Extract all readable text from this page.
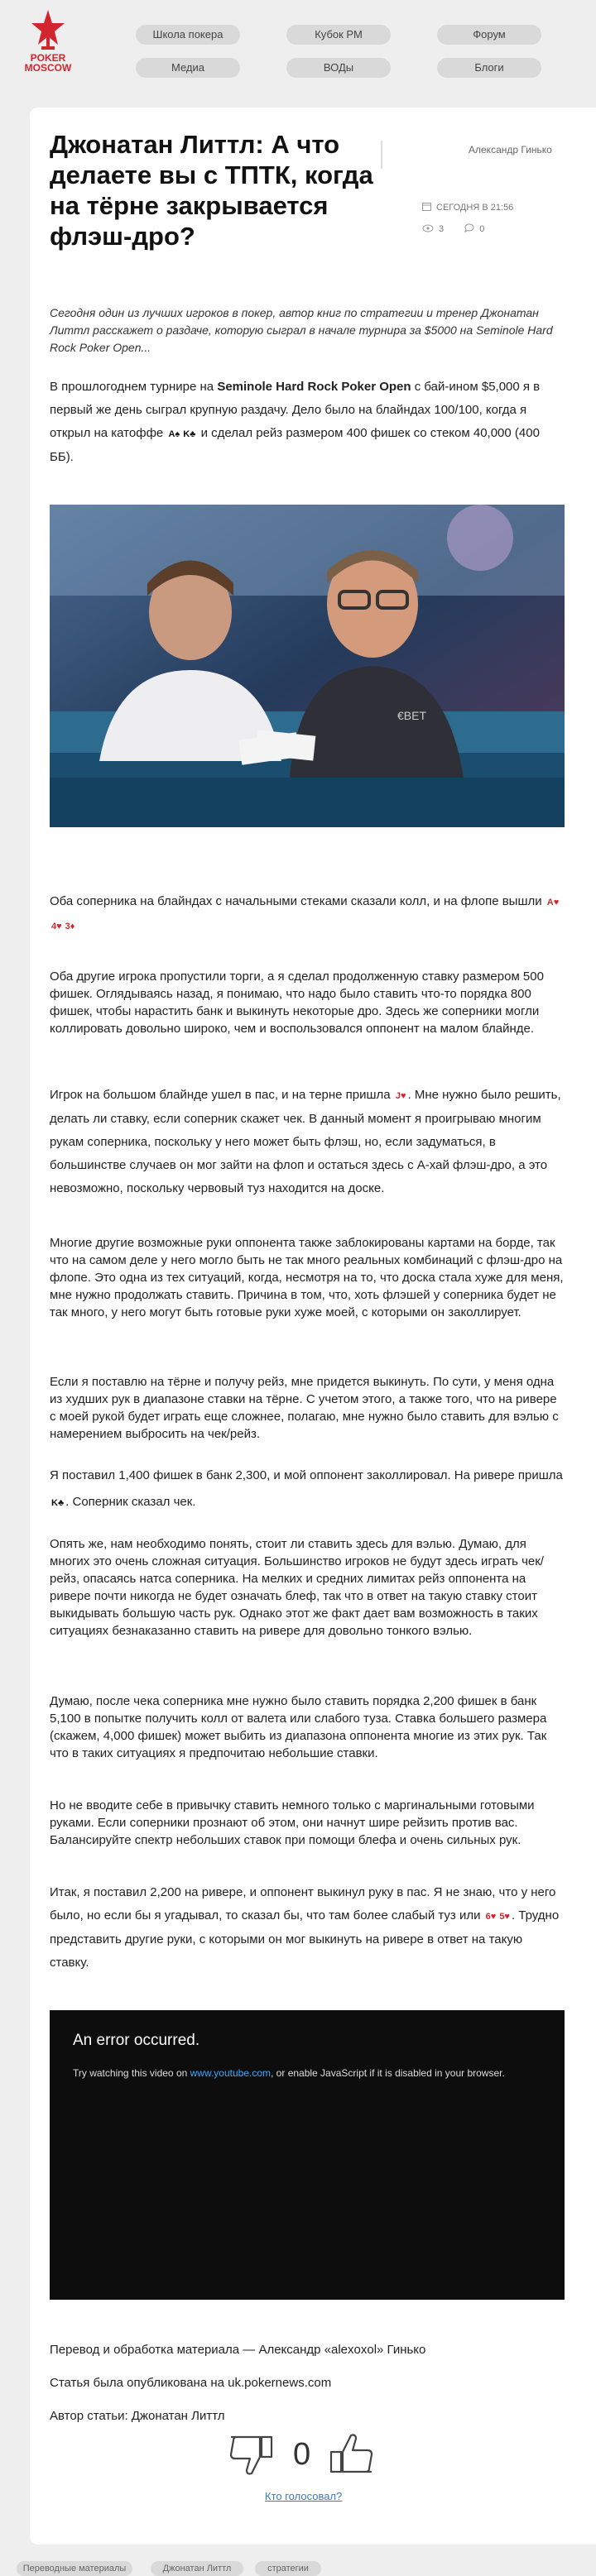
POKER
MOSCOW
Школа покера	Кубок РМ	Форум
Медиа	ВОДы	Блоги
Джонатан Литтл: А что делаете вы с ТПТК, когда на тёрне закрывается флэш-дро?
Александр Гинько
СЕГОДНЯ В 21:56
3	0

Сегодня один из лучших игроков в покер, автор книг по стратегии и тренер Джонатан Литтл расскажет о раздаче, которую сыграл в начале турнира за $5000 на Seminole Hard Rock Poker Open...

В прошлогоднем турнире на Seminole Hard Rock Poker Open с бай-ином $5,000 я в первый же день сыграл крупную раздачу. Дело было на блайндах 100/100, когда я открыл на катоффе A♠ K♣ и сделал рейз размером 400 фишек со стеком 40,000 (400 ББ).

€BET

Оба соперника на блайндах с начальными стеками сказали колл, и на флопе вышли A♥4♥ 3♦

Оба другие игрока пропустили торги, а я сделал продолженную ставку размером 500 фишек. Оглядываясь назад, я понимаю, что надо было ставить что-то порядка 800 фишек, чтобы нарастить банк и выкинуть некоторые дро. Здесь же соперники могли коллировать довольно широко, чем и воспользовался оппонент на малом блайнде.

Игрок на большом блайнде ушел в пас, и на терне пришла J♥ . Мне нужно было решить, делать ли ставку, если соперник скажет чек. В данный момент я проигрываю многим рукам соперника, поскольку у него может быть флэш, но, если задуматься, в большинстве случаев он мог зайти на флоп и остаться здесь с A-хай флэш-дро, а это невозможно, поскольку червовый туз находится на доске.

Многие другие возможные руки оппонента также заблокированы картами на борде, так что на самом деле у него могло быть не так много реальных комбинаций с флэш-дро на флопе. Это одна из тех ситуаций, когда, несмотря на то, что доска стала хуже для меня, мне нужно продолжать ставить. Причина в том, что, хоть флэшей у соперника будет не так много, у него могут быть готовые руки хуже моей, с которыми он заколлирует.

Если я поставлю на тёрне и получу рейз, мне придется выкинуть. По сути, у меня одна из худших рук в диапазоне ставки на тёрне. С учетом этого, а также того, что на ривере с моей рукой будет играть еще сложнее, полагаю, мне нужно было ставить для вэлью с намерением выбросить на чек/рейз.

Я поставил 1,400 фишек в банк 2,300, и мой оппонент заколлировал. На ривере пришла K♣ . Соперник сказал чек.

Опять же, нам необходимо понять, стоит ли ставить здесь для вэлью. Думаю, для многих это очень сложная ситуация. Большинство игроков не будут здесь играть чек/рейз, опасаясь натса соперника. На мелких и средних лимитах рейз оппонента на ривере почти никогда не будет означать блеф, так что в ответ на такую ставку стоит выкидывать большую часть рук. Однако этот же факт дает вам возможность в таких ситуациях безнаказанно ставить на ривере для довольно тонкого вэлью.

Думаю, после чека соперника мне нужно было ставить порядка 2,200 фишек в банк 5,100 в попытке получить колл от валета или слабого туза. Ставка большего размера (скажем, 4,000 фишек) может выбить из диапазона оппонента многие из этих рук. Так что в таких ситуациях я предпочитаю небольшие ставки.

Но не вводите себе в привычку ставить немного только с маргинальными готовыми руками. Если соперники прознают об этом, они начнут шире рейзить против вас. Балансируйте спектр небольших ставок при помощи блефа и очень сильных рук.

Итак, я поставил 2,200 на ривере, и оппонент выкинул руку в пас. Я не знаю, что у него было, но если бы я угадывал, то сказал бы, что там более слабый туз или 6♥ 5♥ . Трудно представить другие руки, с которыми он мог выкинуть на ривере в ответ на такую ставку.

An error occurred.
Try watching this video on www.youtube.com, or enable JavaScript if it is disabled in your browser.

Перевод и обработка материала — Александр «alexoxol» Гинько

Статья была опубликована на uk.pokernews.com

Автор статьи: Джонатан Литтл

0
Кто голосовал?
Переводные материалы	Джонатан Литтл	стратегии
